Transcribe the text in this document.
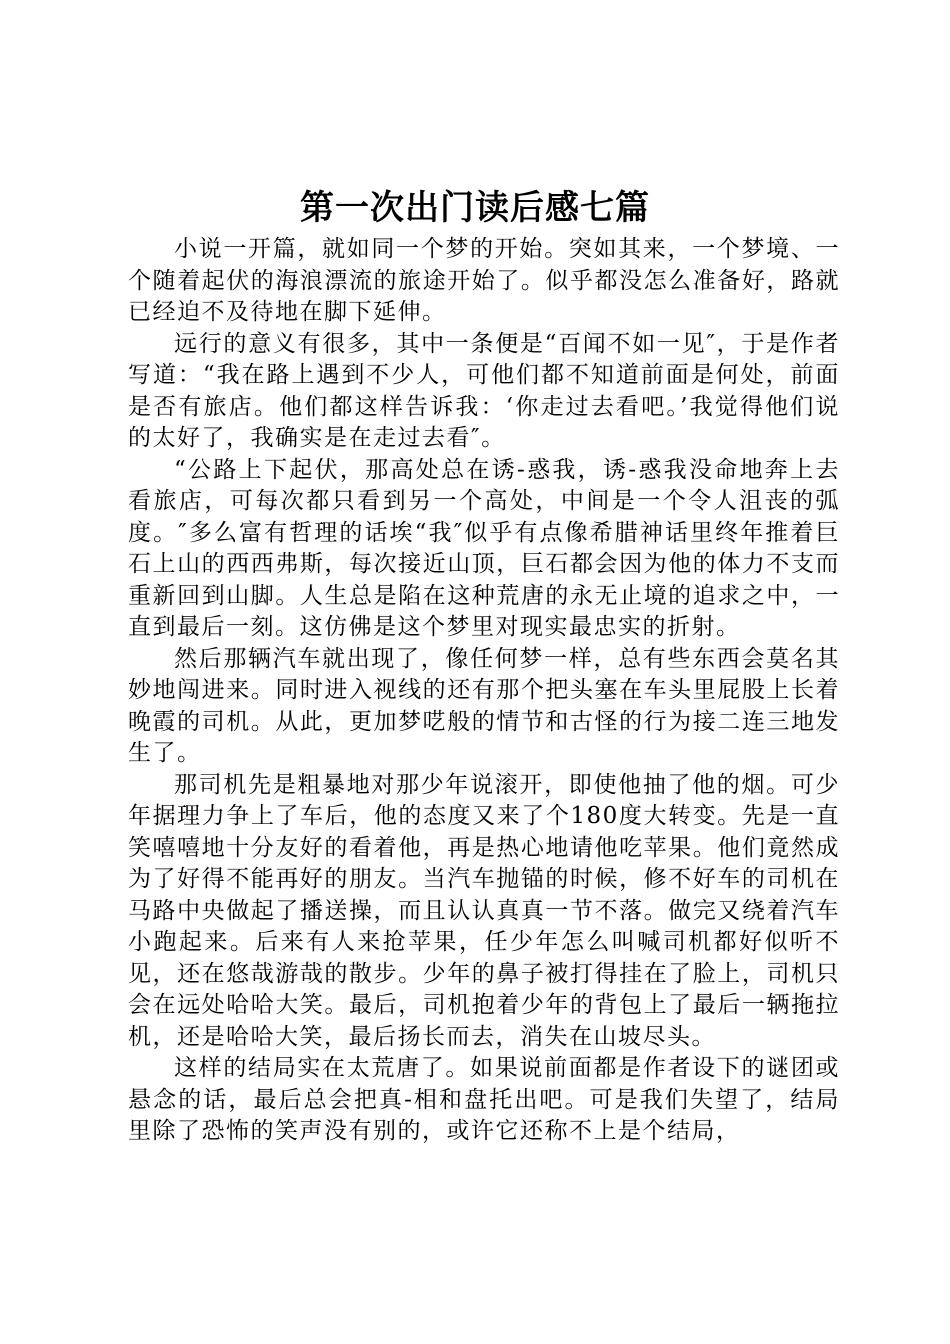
第一次出门读后感七篇

小说一开篇，就如同一个梦的开始。突如其来，一个梦境、一个随着起伏的海浪漂流的旅途开始了。似乎都没怎么准备好，路就已经迫不及待地在脚下延伸。

远行的意义有很多，其中一条便是“百闻不如一见″，于是作者写道：“我在路上遇到不少人，可他们都不知道前面是何处，前面是否有旅店。他们都这样告诉我：‘你走过去看吧。’我觉得他们说的太好了，我确实是在走过去看″。

“公路上下起伏，那高处总在诱-惑我，诱-惑我没命地奔上去看旅店，可每次都只看到另一个高处，中间是一个令人沮丧的弧度。″多么富有哲理的话埃“我″似乎有点像希腊神话里终年推着巨石上山的西西弗斯，每次接近山顶，巨石都会因为他的体力不支而重新回到山脚。人生总是陷在这种荒唐的永无止境的追求之中，一直到最后一刻。这仿佛是这个梦里对现实最忠实的折射。

然后那辆汽车就出现了，像任何梦一样，总有些东西会莫名其妙地闯进来。同时进入视线的还有那个把头塞在车头里屁股上长着晚霞的司机。从此，更加梦呓般的情节和古怪的行为接二连三地发生了。

那司机先是粗暴地对那少年说滚开，即使他抽了他的烟。可少年据理力争上了车后，他的态度又来了个180度大转变。先是一直笑嘻嘻地十分友好的看着他，再是热心地请他吃苹果。他们竟然成为了好得不能再好的朋友。当汽车抛锚的时候，修不好车的司机在马路中央做起了播送操，而且认认真真一节不落。做完又绕着汽车小跑起来。后来有人来抢苹果，任少年怎么叫喊司机都好似听不见，还在悠哉游哉的散步。少年的鼻子被打得挂在了脸上，司机只会在远处哈哈大笑。最后，司机抱着少年的背包上了最后一辆拖拉机，还是哈哈大笑，最后扬长而去，消失在山坡尽头。

这样的结局实在太荒唐了。如果说前面都是作者设下的谜团或悬念的话，最后总会把真-相和盘托出吧。可是我们失望了，结局里除了恐怖的笑声没有别的，或许它还称不上是个结局，
